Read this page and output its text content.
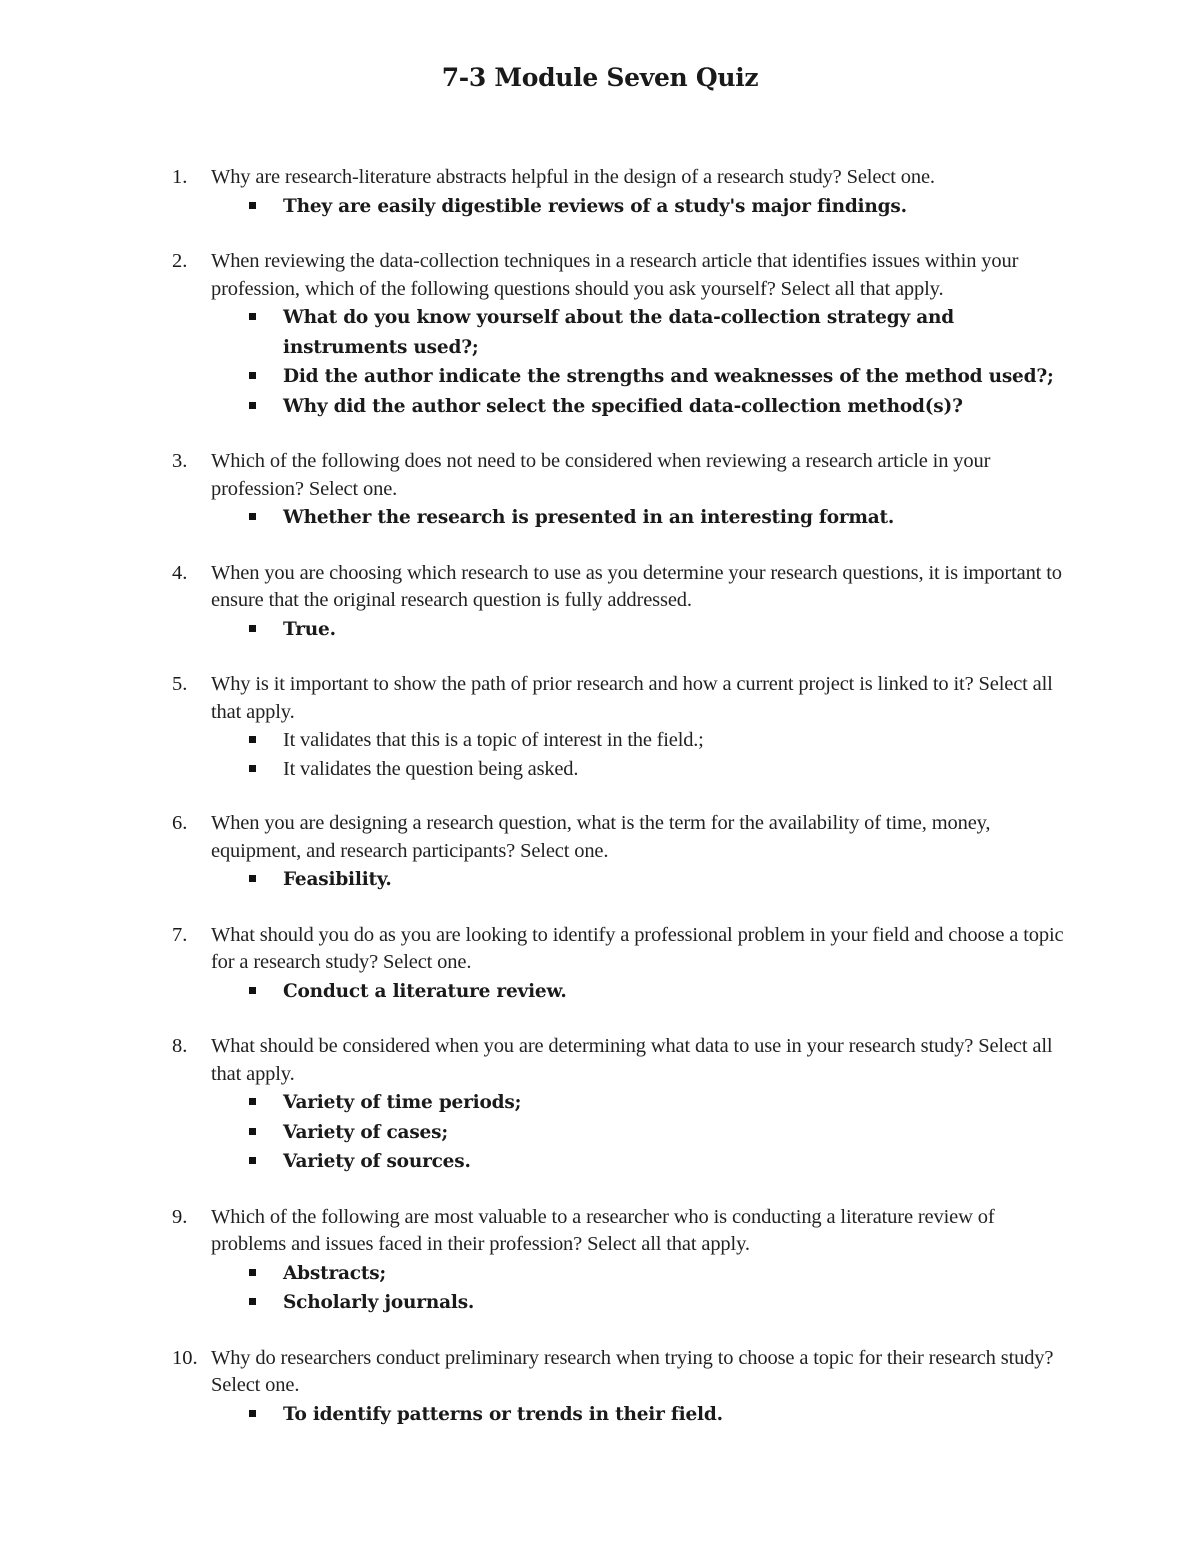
7-3 Module Seven Quiz
1.	Why are research-literature abstracts helpful in the design of a research study? Select one.
They are easily digestible reviews of a study's major findings.
2.	When reviewing the data-collection techniques in a research article that identifies issues within your profession, which of the following questions should you ask yourself? Select all that apply.
What do you know yourself about the data-collection strategy and instruments used?;
Did the author indicate the strengths and weaknesses of the method used?;
Why did the author select the specified data-collection method(s)?
3.	Which of the following does not need to be considered when reviewing a research article in your profession? Select one.
Whether the research is presented in an interesting format.
4.	When you are choosing which research to use as you determine your research questions, it is important to ensure that the original research question is fully addressed.
True.
5.	Why is it important to show the path of prior research and how a current project is linked to it? Select all that apply.
It validates that this is a topic of interest in the field.;
It validates the question being asked.
6.	When you are designing a research question, what is the term for the availability of time, money, equipment, and research participants? Select one.
Feasibility.
7.	What should you do as you are looking to identify a professional problem in your field and choose a topic for a research study? Select one.
Conduct a literature review.
8.	What should be considered when you are determining what data to use in your research study? Select all that apply.
Variety of time periods;
Variety of cases;
Variety of sources.
9.	Which of the following are most valuable to a researcher who is conducting a literature review of problems and issues faced in their profession? Select all that apply.
Abstracts;
Scholarly journals.
10. Why do researchers conduct preliminary research when trying to choose a topic for their research study? Select one.
To identify patterns or trends in their field.
